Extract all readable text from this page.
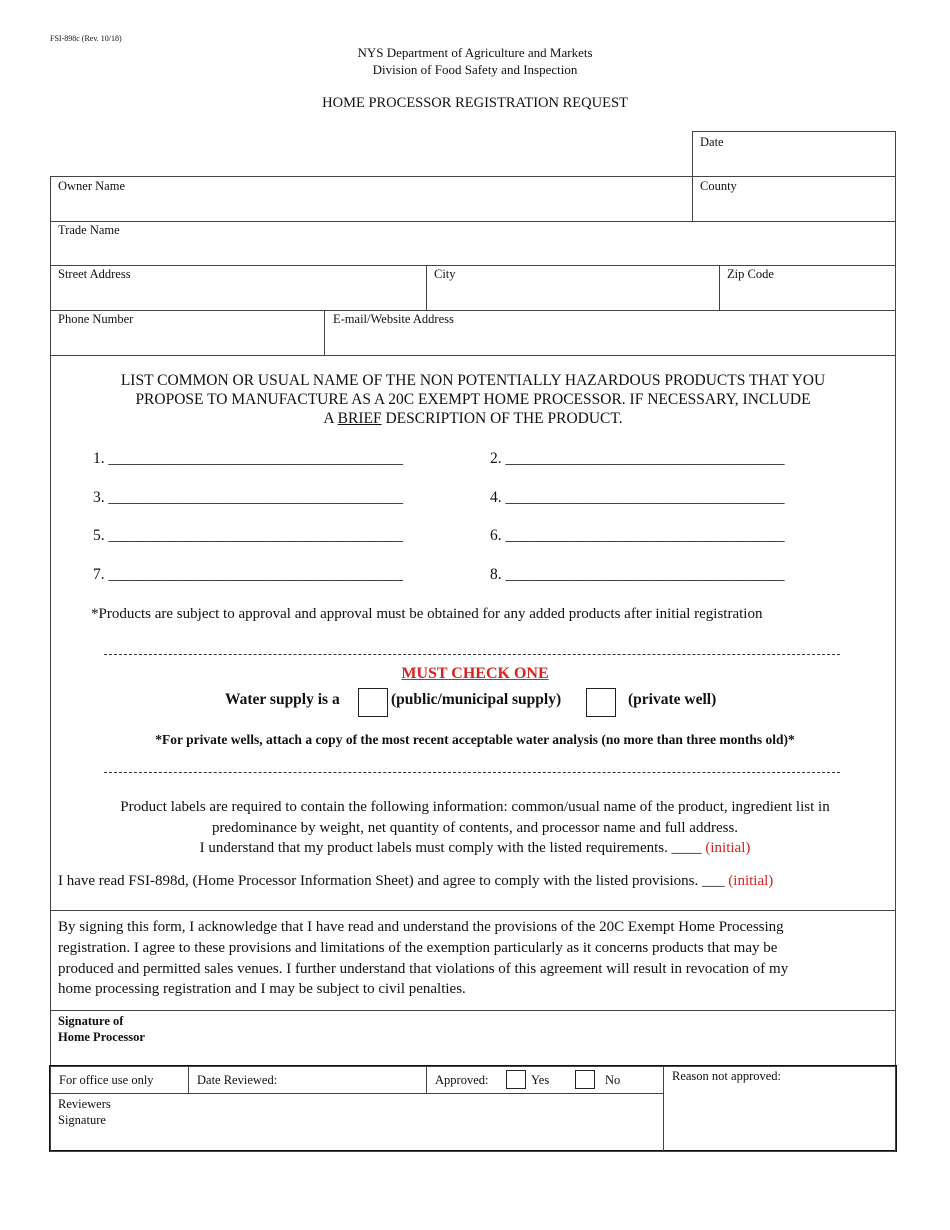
FSI-898c (Rev. 10/18)
NYS Department of Agriculture and Markets
Division of Food Safety and Inspection
HOME PROCESSOR REGISTRATION REQUEST
Date
Owner Name	County
Trade Name
Street Address	City	Zip Code
Phone Number	E-mail/Website Address
LIST COMMON OR USUAL NAME OF THE NON POTENTIALLY HAZARDOUS PRODUCTS THAT YOU
PROPOSE TO MANUFACTURE AS A 20C EXEMPT HOME PROCESSOR. IF NECESSARY, INCLUDE
A BRIEF DESCRIPTION OF THE PRODUCT.
1. ______________________________________	2. ____________________________________
3. ______________________________________	4. ____________________________________
5. ______________________________________	6. ____________________________________
7. ______________________________________	8. ____________________________________
*Products are subject to approval and approval must be obtained for any added products after initial registration
MUST CHECK ONE
Water supply is a	(public/municipal supply)	(private well)
*For private wells, attach a copy of the most recent acceptable water analysis (no more than three months old)*
Product labels are required to contain the following information: common/usual name of the product, ingredient list in
predominance by weight, net quantity of contents, and processor name and full address.
I understand that my product labels must comply with the listed requirements. ____ (initial)
I have read FSI-898d, (Home Processor Information Sheet) and agree to comply with the listed provisions. ___ (initial)
By signing this form, I acknowledge that I have read and understand the provisions of the 20C Exempt Home Processing
registration. I agree to these provisions and limitations of the exemption particularly as it concerns products that may be
produced and permitted sales venues. I further understand that violations of this agreement will result in revocation of my
home processing registration and I may be subject to civil penalties.
Signature of
Home Processor
For office use only	Date Reviewed:	Approved:	Yes	No	Reason not approved:
Reviewers
Signature
